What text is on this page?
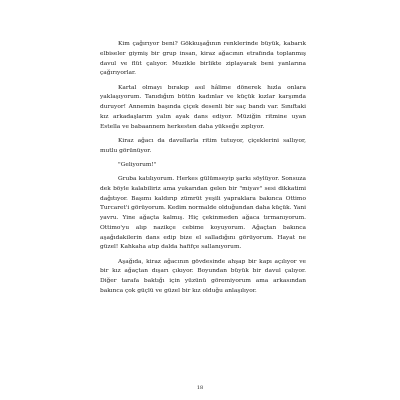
Kim çağırıyor beni? Gökkuşağının renklerinde büyük, kabarık elbiseler giymiş bir grup insan, kiraz ağacının etrafında toplanmış davul ve flüt çalıyor. Muzikle birlikte ziplayarak beni yanlarına çağırıyorlar.

Kartal olmayı bırakıp asıl hâlime dönerek hızla onlara yaklaşıyorum. Tanıdığım bütün kadınlar ve küçük kızlar karşımda duruyor! Annemin başında çiçek desenli bir saç bandı var. Sınıftaki kız arkadaşlarım yalın ayak dans ediyor. Müziğin ritmine uyan Estella ve babaannem herkesten daha yükseğe zıplıyor.

Kiraz ağacı da davullarla ritim tutuyor, çiçeklerini sallıyor, mutlu görünüyor.

"Geliyorum!"

Gruba katılıyorum. Herkes gülümseyip şarkı söylüyor. Sonsuza dek böyle kalabiliriz ama yukarıdan gelen bir "miyav" sesi dikkatimi dağıtıyor. Başımı kaldırıp zümrüt yeşili yapraklara bakınca Ottimo Turcaret'i görüyorum. Kedim normalde olduğundan daha küçük. Yani yavru. Yine ağaçta kalmış. Hiç çekinmeden ağaca tırmanıyorum. Ottimo'yu alıp nazikçe cebime koyuyorum. Ağaçtan bakınca aşağıdakilerin dans edip bize el salladığını görüyorum. Hayat ne güzel! Kahkaha atıp dalda hafifçe sallanıyorum.

Aşağıda, kiraz ağacının gövdesinde ahşap bir kapı açılıyor ve bir kız ağaçtan dışarı çıkıyor. Boyundan büyük bir davul çalıyor. Diğer tarafa baktığı için yüzünü göremiyorum ama arkasından bakınca çok güçlü ve güzel bir kız olduğu anlaşılıyor.

18
